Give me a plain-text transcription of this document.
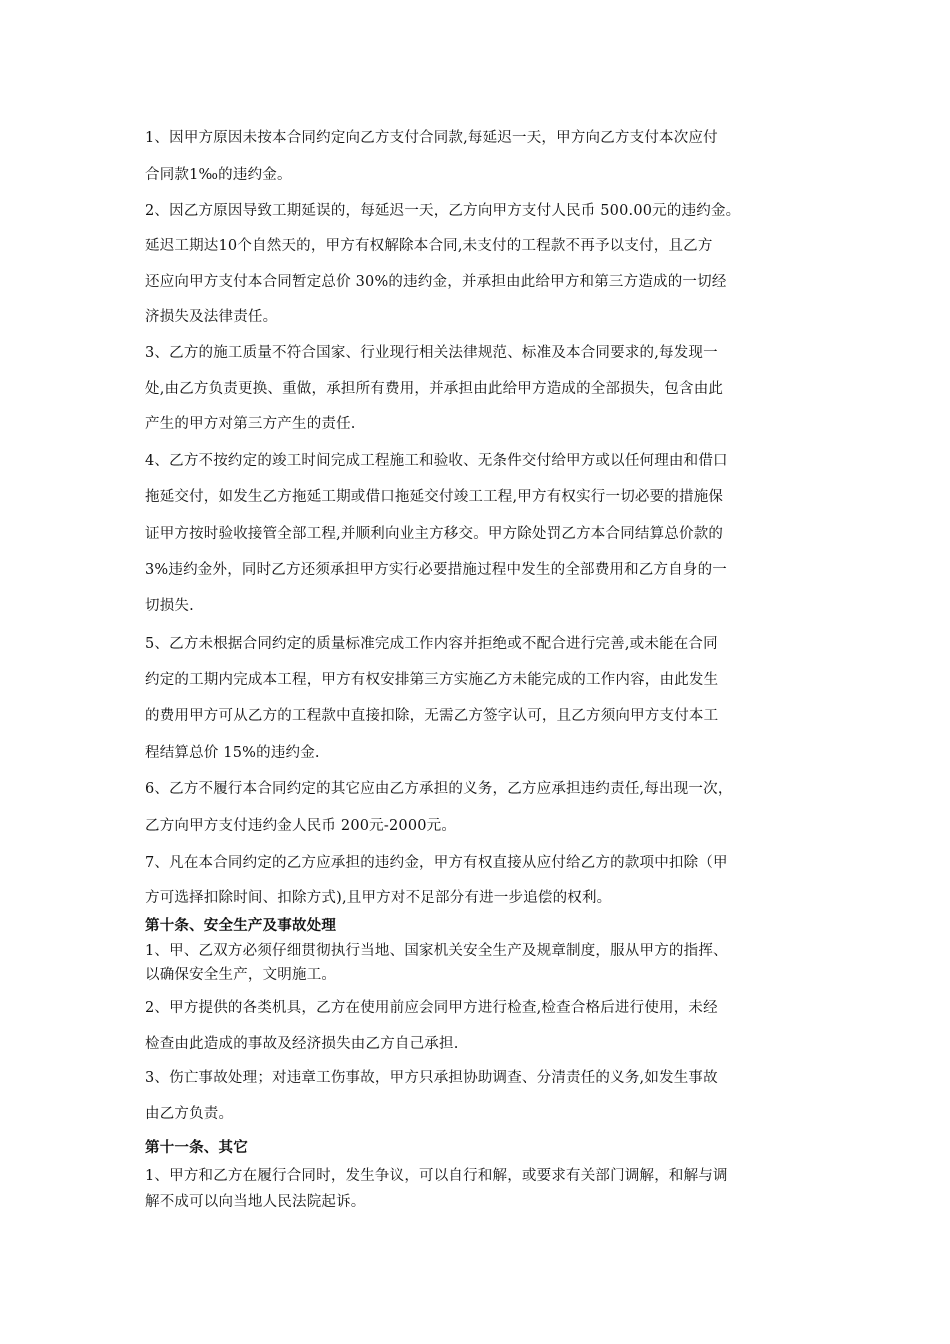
1、因甲方原因未按本合同约定向乙方支付合同款,每延迟一天，甲方向乙方支付本次应付
合同款1‰的违约金。
2、因乙方原因导致工期延误的，每延迟一天，乙方向甲方支付人民币 500.00元的违约金。
延迟工期达10个自然天的，甲方有权解除本合同,未支付的工程款不再予以支付，且乙方
还应向甲方支付本合同暂定总价 30%的违约金，并承担由此给甲方和第三方造成的一切经
济损失及法律责任。
3、乙方的施工质量不符合国家、行业现行相关法律规范、标准及本合同要求的,每发现一
处,由乙方负责更换、重做，承担所有费用，并承担由此给甲方造成的全部损失，包含由此
产生的甲方对第三方产生的责任.
4、乙方不按约定的竣工时间完成工程施工和验收、无条件交付给甲方或以任何理由和借口
拖延交付，如发生乙方拖延工期或借口拖延交付竣工工程,甲方有权实行一切必要的措施保
证甲方按时验收接管全部工程,并顺利向业主方移交。甲方除处罚乙方本合同结算总价款的
3%违约金外，同时乙方还须承担甲方实行必要措施过程中发生的全部费用和乙方自身的一
切损失.
5、乙方未根据合同约定的质量标准完成工作内容并拒绝或不配合进行完善,或未能在合同
约定的工期内完成本工程，甲方有权安排第三方实施乙方未能完成的工作内容，由此发生
的费用甲方可从乙方的工程款中直接扣除，无需乙方签字认可，且乙方须向甲方支付本工
程结算总价 15%的违约金.
6、乙方不履行本合同约定的其它应由乙方承担的义务，乙方应承担违约责任,每出现一次，
乙方向甲方支付违约金人民币 200元-2000元。
7、凡在本合同约定的乙方应承担的违约金，甲方有权直接从应付给乙方的款项中扣除（甲
方可选择扣除时间、扣除方式),且甲方对不足部分有进一步追偿的权利。
第十条、安全生产及事故处理
1、甲、乙双方必须仔细贯彻执行当地、国家机关安全生产及规章制度，服从甲方的指挥、
以确保安全生产，文明施工。
2、甲方提供的各类机具，乙方在使用前应会同甲方进行检查,检查合格后进行使用，未经
检查由此造成的事故及经济损失由乙方自己承担.
3、伤亡事故处理；对违章工伤事故，甲方只承担协助调查、分清责任的义务,如发生事故
由乙方负责。
第十一条、其它
1、甲方和乙方在履行合同时，发生争议，可以自行和解，或要求有关部门调解，和解与调
解不成可以向当地人民法院起诉。
